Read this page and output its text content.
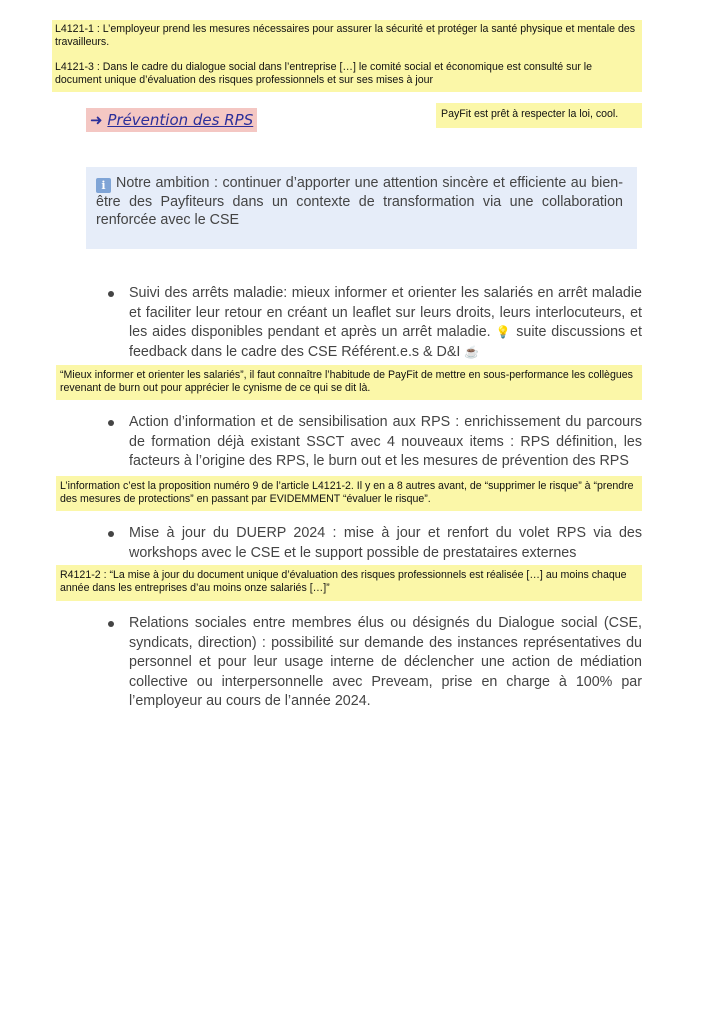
L4121-1 : L’employeur prend les mesures nécessaires pour assurer la sécurité et protéger la santé physique et mentale des travailleurs.

L4121-3 : Dans le cadre du dialogue social dans l’entreprise […] le comité social et économique est consulté sur le document unique d’évaluation des risques professionnels et sur ses mises à jour

➜ Prévention des RPS	PayFit est prêt à respecter la loi, cool.
i Notre ambition : continuer d’apporter une attention sincère et efficiente au bien-être des Payfiteurs dans un contexte de transformation via une collaboration renforcée avec le CSE
Suivi des arrêts maladie: mieux informer et orienter les salariés en arrêt maladie et faciliter leur retour en créant un leaflet sur leurs droits, leurs interlocuteurs, et les aides disponibles pendant et après un arrêt maladie. 💡 suite discussions et feedback dans le cadre des CSE Référent.e.s & D&I ☕
“Mieux informer et orienter les salariés”, il faut connaître l’habitude de PayFit de mettre en sous-performance les collègues revenant de burn out pour apprécier le cynisme de ce qui se dit là.
Action d’information et de sensibilisation aux RPS : enrichissement du parcours de formation déjà existant SSCT avec 4 nouveaux items : RPS définition, les facteurs à l’origine des RPS, le burn out et les mesures de prévention des RPS
L’information c’est la proposition numéro 9 de l’article L4121-2. Il y en a 8 autres avant, de “supprimer le risque” à “prendre des mesures de protections” en passant par EVIDEMMENT “évaluer le risque”.
Mise à jour du DUERP 2024 : mise à jour et renfort du volet RPS via des workshops avec le CSE et le support possible de prestataires externes
R4121-2 : “La mise à jour du document unique d’évaluation des risques professionnels est réalisée […] au moins chaque année dans les entreprises d’au moins onze salariés […]”
Relations sociales entre membres élus ou désignés du Dialogue social (CSE, syndicats, direction) : possibilité sur demande des instances représentatives du personnel et pour leur usage interne de déclencher une action de médiation collective ou interpersonnelle avec Preveam, prise en charge à 100% par l’employeur au cours de l’année 2024.
